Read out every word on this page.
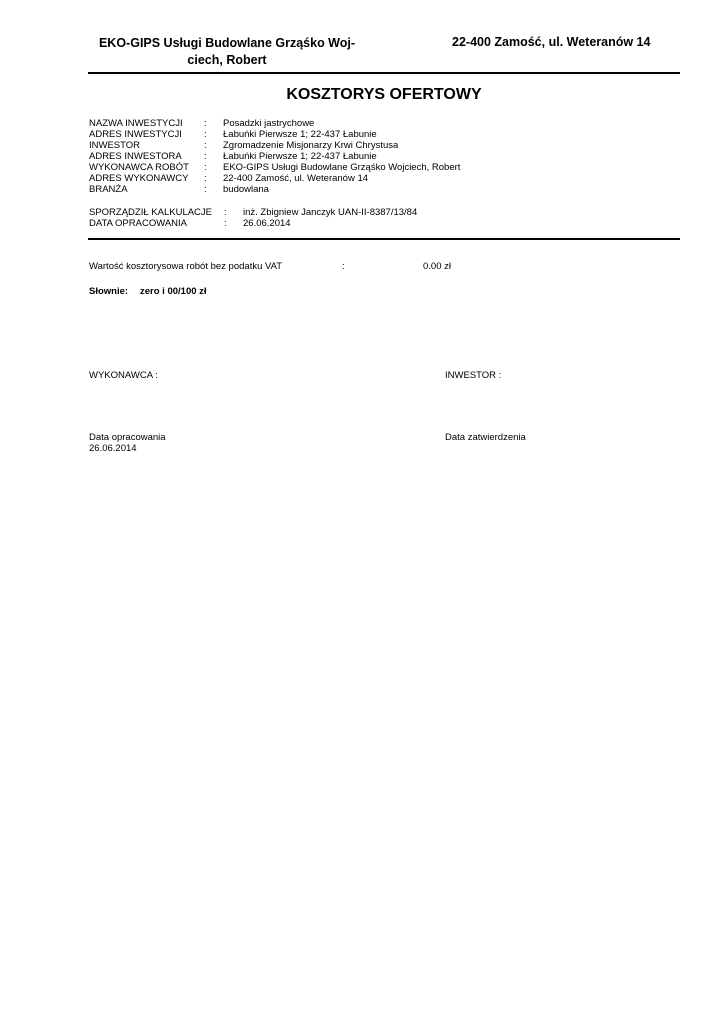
EKO-GIPS Usługi Budowlane Grząśko Woj-
ciech, Robert
22-400 Zamość, ul. Weteranów 14
KOSZTORYS OFERTOWY
NAZWA INWESTYCJI : Posadzki jastrychowe
ADRES INWESTYCJI : Łabuńki Pierwsze 1; 22-437 Łabunie
INWESTOR	: Zgromadzenie Misjonarzy Krwi Chrystusa
ADRES INWESTORA : Łabuńki Pierwsze 1; 22-437 Łabunie
WYKONAWCA ROBÓT : EKO-GIPS Usługi Budowlane Grząśko Wojciech, Robert
ADRES WYKONAWCY : 22-400 Zamość, ul. Weteranów 14
BRANŻA	: budowlana
SPORZĄDZIŁ KALKULACJE : inż. Zbigniew Janczyk UAN-II-8387/13/84
DATA OPRACOWANIA	: 26.06.2014
Wartość kosztorysowa robót bez podatku VAT	:	0.00 zł
Słownie: zero i 00/100 zł
WYKONAWCA :	INWESTOR :
Data opracowania
26.06.2014
Data zatwierdzenia
